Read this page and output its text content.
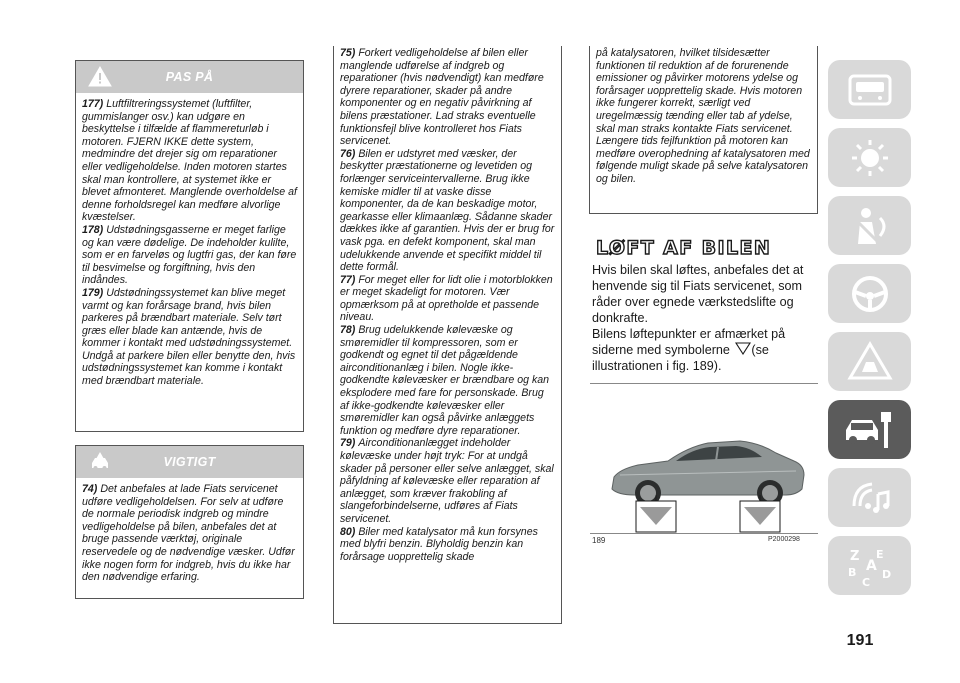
PAS PÅ

177) Luftfiltreringssystemet (luftfilter, gummislanger osv.) kan udgøre en beskyttelse i tilfælde af flammereturløb i motoren. FJERN IKKE dette system, medmindre det drejer sig om reparationer eller vedligeholdelse. Inden motoren startes skal man kontrollere, at systemet ikke er blevet afmonteret. Manglende overholdelse af denne forholdsregel kan medføre alvorlige kvæstelser.

178) Udstødningsgasserne er meget farlige og kan være dødelige. De indeholder kulilte, som er en farveløs og lugtfri gas, der kan føre til besvimelse og forgiftning, hvis den indåndes.

179) Udstødningssystemet kan blive meget varmt og kan forårsage brand, hvis bilen parkeres på brændbart materiale. Selv tørt græs eller blade kan antænde, hvis de kommer i kontakt med udstødningssystemet. Undgå at parkere bilen eller benytte den, hvis udstødningssystemet kan komme i kontakt med brændbart materiale.

VIGTIGT

74) Det anbefales at lade Fiats servicenet udføre vedligeholdelsen. For selv at udføre de normale periodisk indgreb og mindre vedligeholdelse på bilen, anbefales det at bruge passende værktøj, originale reservedele og de nødvendige væsker. Udfør ikke nogen form for indgreb, hvis du ikke har den nødvendige erfaring.

75) Forkert vedligeholdelse af bilen eller manglende udførelse af indgreb og reparationer (hvis nødvendigt) kan medføre dyrere reparationer, skader på andre komponenter og en negativ påvirkning af bilens præstationer. Lad straks eventuelle funktionsfejl blive kontrolleret hos Fiats servicenet.

76) Bilen er udstyret med væsker, der beskytter præstationerne og levetiden og forlænger serviceintervallerne. Brug ikke kemiske midler til at vaske disse komponenter, da de kan beskadige motor, gearkasse eller klimaanlæg. Sådanne skader dækkes ikke af garantien. Hvis der er brug for vask pga. en defekt komponent, skal man udelukkende anvende et specifikt middel til dette formål.

77) For meget eller for lidt olie i motorblokken er meget skadeligt for motoren. Vær opmærksom på at opretholde et passende niveau.

78) Brug udelukkende kølevæske og smøremidler til kompressoren, som er godkendt og egnet til det pågældende airconditionanlæg i bilen. Nogle ikke-godkendte kølevæsker er brændbare og kan eksplodere med fare for personskade. Brug af ikke-godkendte kølevæsker eller smøremidler kan også påvirke anlæggets funktion og medføre dyre reparationer.

79) Airconditionanlægget indeholder kølevæske under højt tryk: For at undgå skader på personer eller selve anlægget, skal påfyldning af kølevæske eller reparation af anlægget, som kræver frakobling af slangeforbindelserne, udføres af Fiats servicenet.

80) Biler med katalysator må kun forsynes med blyfri benzin. Blyholdig benzin kan forårsage uopprettelig skade

på katalysatoren, hvilket tilsidesætter funktionen til reduktion af de forurenende emissioner og påvirker motorens ydelse og forårsager uopprettelig skade. Hvis motoren ikke fungerer korrekt, særligt ved uregelmæssig tænding eller tab af ydelse, skal man straks kontakte Fiats servicenet. Længere tids fejlfunktion på motoren kan medføre overophedning af katalysatoren med følgende muligt skade på selve katalysatoren og bilen.

LØFT AF BILEN

Hvis bilen skal løftes, anbefales det at henvende sig til Fiats servicenet, som råder over egnede værkstedslifte og donkrafte.

Bilens løftepunkter er afmærket på siderne med symbolerne (se illustrationen i fig. 189).

189	P2000298
191
Z E
A
B D
C
